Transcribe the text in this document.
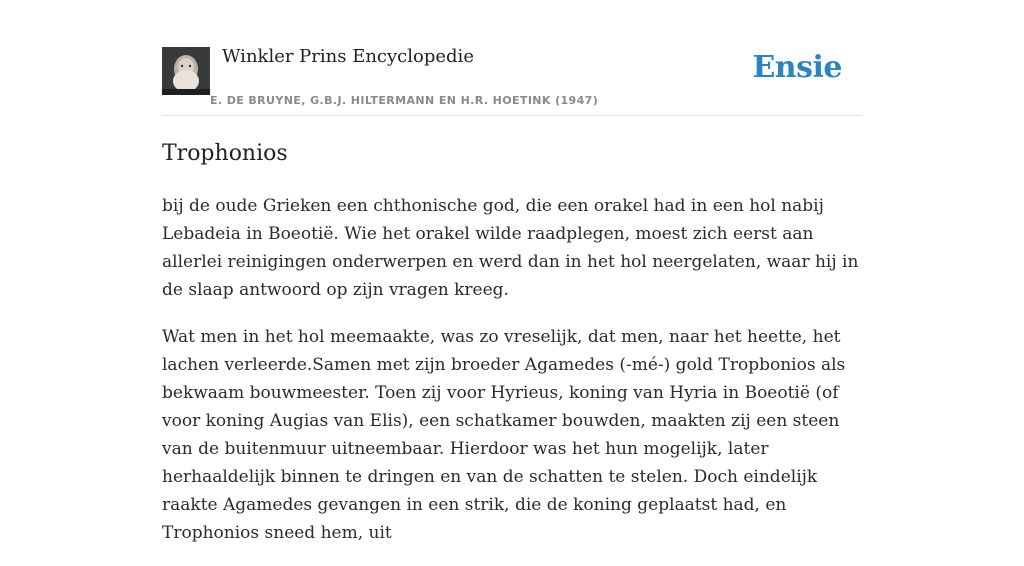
Winkler Prins Encyclopedie
E. DE BRUYNE, G.B.J. HILTERMANN EN H.R. HOETINK (1947)
Ensie
Trophonios

bij de oude Grieken een chthonische god, die een orakel had in een hol nabij Lebadeia in Boeotië. Wie het orakel wilde raadplegen, moest zich eerst aan allerlei reinigingen onderwerpen en werd dan in het hol neergelaten, waar hij in de slaap antwoord op zijn vragen kreeg.

Wat men in het hol meemaakte, was zo vreselijk, dat men, naar het heette, het lachen verleerde.Samen met zijn broeder Agamedes (-mé-) gold Tropbonios als bekwaam bouwmeester. Toen zij voor Hyrieus, koning van Hyria in Boeotië (of voor koning Augias van Elis), een schatkamer bouwden, maakten zij een steen van de buitenmuur uitneembaar. Hierdoor was het hun mogelijk, later herhaaldelijk binnen te dringen en van de schatten te stelen. Doch eindelijk raakte Agamedes gevangen in een strik, die de koning geplaatst had, en Trophonios sneed hem, uit
